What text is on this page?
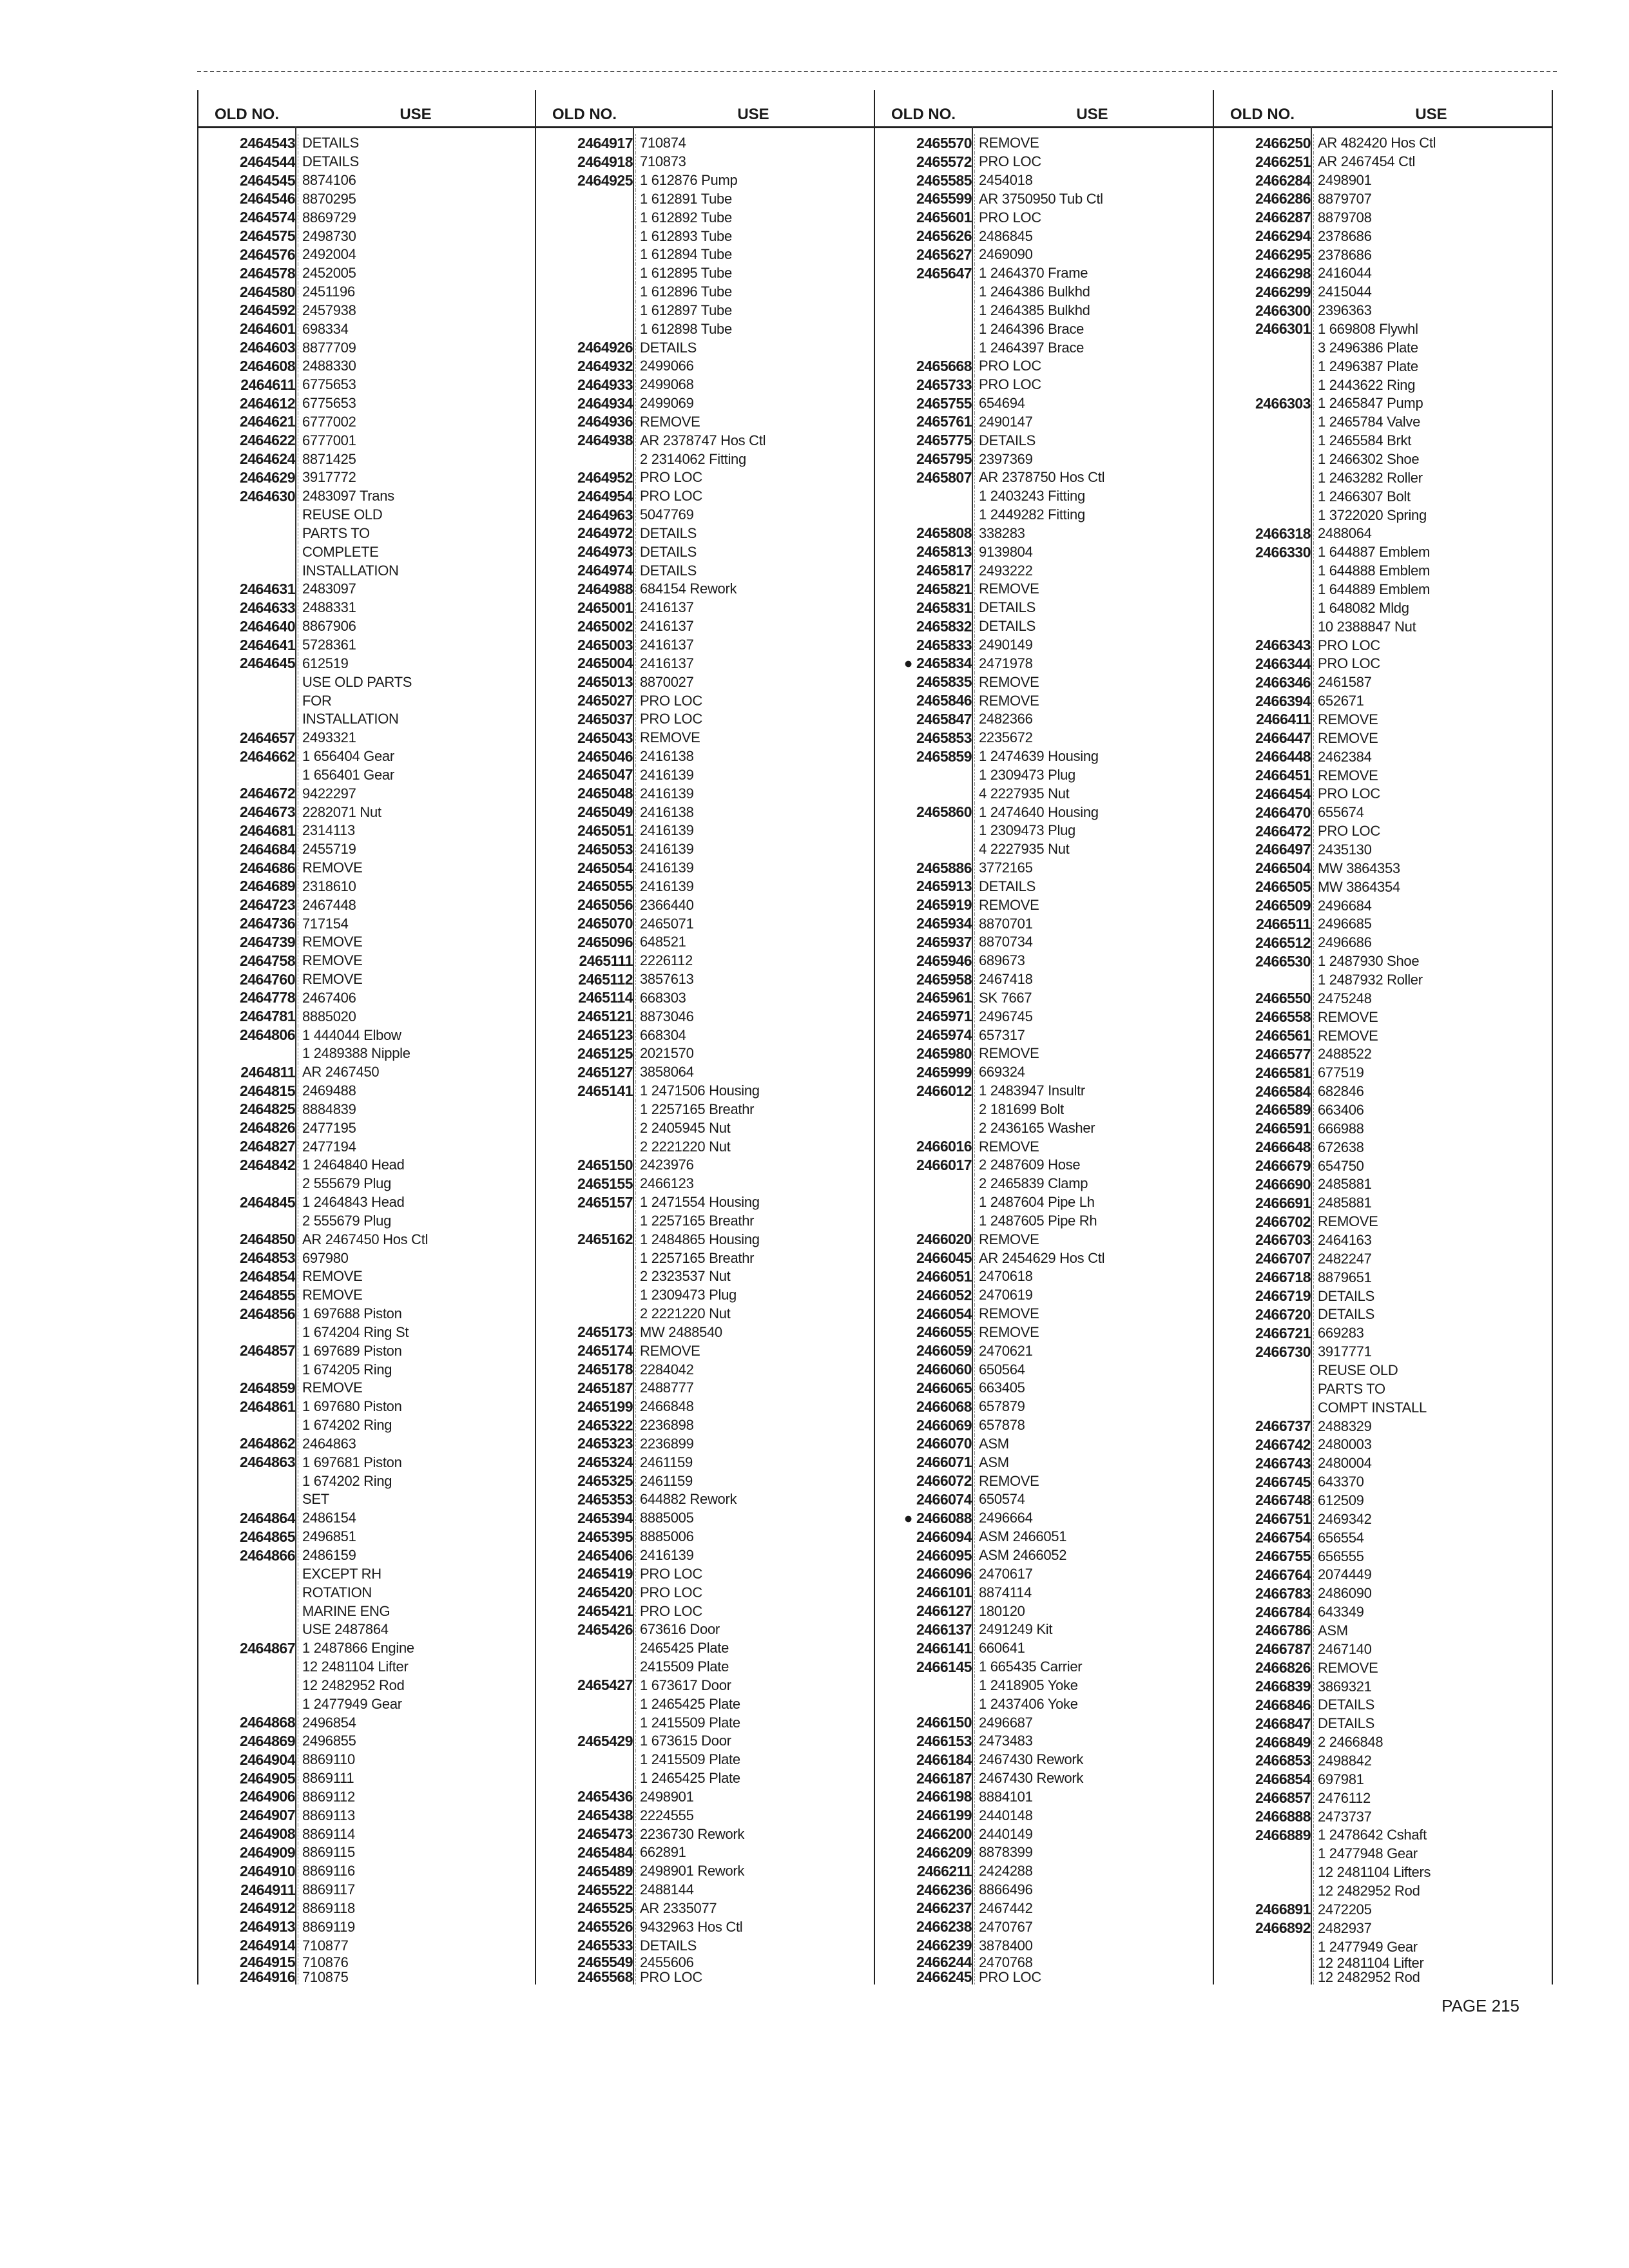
OLD NO.	USE
2464543 DETAILS
2464544 DETAILS
2464545 8874106
2464546 8870295
2464574 8869729
2464575 2498730
2464576 2492004
2464578 2452005
2464580 2451196
2464592 2457938
2464601 698334
2464603 8877709
2464608 2488330
2464611 6775653
2464612 6775653
2464621 6777002
2464622 6777001
2464624 8871425
2464629 3917772
2464630 2483097 Trans
REUSE OLD
PARTS TO
COMPLETE
INSTALLATION
2464631 2483097
2464633 2488331
2464640 8867906
2464641 5728361
2464645 612519
USE OLD PARTS
FOR
INSTALLATION
2464657 2493321
2464662 1 656404 Gear
1 656401 Gear
2464672 9422297
2464673 2282071 Nut
2464681 2314113
2464684 2455719
2464686 REMOVE
2464689 2318610
2464723 2467448
2464736 717154
2464739 REMOVE
2464758 REMOVE
2464760 REMOVE
2464778 2467406
2464781 8885020
2464806 1 444044 Elbow
1 2489388 Nipple
2464811 AR 2467450
2464815 2469488
2464825 8884839
2464826 2477195
2464827 2477194
2464842 1 2464840 Head
2 555679 Plug
2464845 1 2464843 Head
2 555679 Plug
2464850 AR 2467450 Hos Ctl
2464853 697980
2464854 REMOVE
2464855 REMOVE
2464856 1 697688 Piston
1 674204 Ring St
2464857 1 697689 Piston
1 674205 Ring
2464859 REMOVE
2464861 1 697680 Piston
1 674202 Ring
2464862 2464863
2464863 1 697681 Piston
1 674202 Ring
SET
2464864 2486154
2464865 2496851
2464866 2486159
EXCEPT RH
ROTATION
MARINE ENG
USE 2487864
2464867 1 2487866 Engine
12 2481104 Lifter
12 2482952 Rod
1 2477949 Gear
2464868 2496854
2464869 2496855
2464904 8869110
2464905 8869111
2464906 8869112
2464907 8869113
2464908 8869114
2464909 8869115
2464910 8869116
2464911 8869117
2464912 8869118
2464913 8869119
2464914 710877
2464915 710876
2464916 710875
OLD NO.	USE
2464917 710874
2464918 710873
2464925 1 612876 Pump
1 612891 Tube
1 612892 Tube
1 612893 Tube
1 612894 Tube
1 612895 Tube
1 612896 Tube
1 612897 Tube
1 612898 Tube
2464926 DETAILS
2464932 2499066
2464933 2499068
2464934 2499069
2464936 REMOVE
2464938 AR 2378747 Hos Ctl
2 2314062 Fitting
2464952 PRO LOC
2464954 PRO LOC
2464963 5047769
2464972 DETAILS
2464973 DETAILS
2464974 DETAILS
2464988 684154 Rework
2465001 2416137
2465002 2416137
2465003 2416137
2465004 2416137
2465013 8870027
2465027 PRO LOC
2465037 PRO LOC
2465043 REMOVE
2465046 2416138
2465047 2416139
2465048 2416139
2465049 2416138
2465051 2416139
2465053 2416139
2465054 2416139
2465055 2416139
2465056 2366440
2465070 2465071
2465096 648521
2465111 2226112
2465112 3857613
2465114 668303
2465121 8873046
2465123 668304
2465125 2021570
2465127 3858064
2465141 1 2471506 Housing
1 2257165 Breathr
2 2405945 Nut
2 2221220 Nut
2465150 2423976
2465155 2466123
2465157 1 2471554 Housing
1 2257165 Breathr
2465162 1 2484865 Housing
1 2257165 Breathr
2 2323537 Nut
1 2309473 Plug
2 2221220 Nut
2465173 MW 2488540
2465174 REMOVE
2465178 2284042
2465187 2488777
2465199 2466848
2465322 2236898
2465323 2236899
2465324 2461159
2465325 2461159
2465353 644882 Rework
2465394 8885005
2465395 8885006
2465406 2416139
2465419 PRO LOC
2465420 PRO LOC
2465421 PRO LOC
2465426 673616 Door
2465425 Plate
2415509 Plate
2465427 1 673617 Door
1 2465425 Plate
1 2415509 Plate
2465429 1 673615 Door
1 2415509 Plate
1 2465425 Plate
2465436 2498901
2465438 2224555
2465473 2236730 Rework
2465484 662891
2465489 2498901 Rework
2465522 2488144
2465525 AR 2335077
2465526 9432963 Hos Ctl
2465533 DETAILS
2465549 2455606
2465568 PRO LOC
OLD NO.	USE
2465570 REMOVE
2465572 PRO LOC
2465585 2454018
2465599 AR 3750950 Tub Ctl
2465601 PRO LOC
2465626 2486845
2465627 2469090
2465647 1 2464370 Frame
1 2464386 Bulkhd
1 2464385 Bulkhd
1 2464396 Brace
1 2464397 Brace
2465668 PRO LOC
2465733 PRO LOC
2465755 654694
2465761 2490147
2465775 DETAILS
2465795 2397369
2465807 AR 2378750 Hos Ctl
1 2403243 Fitting
1 2449282 Fitting
2465808 338283
2465813 9139804
2465817 2493222
2465821 REMOVE
2465831 DETAILS
2465832 DETAILS
2465833 2490149
● 2465834 2471978
2465835 REMOVE
2465846 REMOVE
2465847 2482366
2465853 2235672
2465859 1 2474639 Housing
1 2309473 Plug
4 2227935 Nut
2465860 1 2474640 Housing
1 2309473 Plug
4 2227935 Nut
2465886 3772165
2465913 DETAILS
2465919 REMOVE
2465934 8870701
2465937 8870734
2465946 689673
2465958 2467418
2465961 SK 7667
2465971 2496745
2465974 657317
2465980 REMOVE
2465999 669324
2466012 1 2483947 Insultr
2 181699 Bolt
2 2436165 Washer
2466016 REMOVE
2466017 2 2487609 Hose
2 2465839 Clamp
1 2487604 Pipe Lh
1 2487605 Pipe Rh
2466020 REMOVE
2466045 AR 2454629 Hos Ctl
2466051 2470618
2466052 2470619
2466054 REMOVE
2466055 REMOVE
2466059 2470621
2466060 650564
2466065 663405
2466068 657879
2466069 657878
2466070 ASM
2466071 ASM
2466072 REMOVE
2466074 650574
● 2466088 2496664
2466094 ASM 2466051
2466095 ASM 2466052
2466096 2470617
2466101 8874114
2466127 180120
2466137 2491249 Kit
2466141 660641
2466145 1 665435 Carrier
1 2418905 Yoke
1 2437406 Yoke
2466150 2496687
2466153 2473483
2466184 2467430 Rework
2466187 2467430 Rework
2466198 8884101
2466199 2440148
2466200 2440149
2466209 8878399
2466211 2424288
2466236 8866496
2466237 2467442
2466238 2470767
2466239 3878400
2466244 2470768
2466245 PRO LOC
OLD NO.	USE
2466250 AR 482420 Hos Ctl
2466251 AR 2467454 Ctl
2466284 2498901
2466286 8879707
2466287 8879708
2466294 2378686
2466295 2378686
2466298 2416044
2466299 2415044
2466300 2396363
2466301 1 669808 Flywhl
3 2496386 Plate
1 2496387 Plate
1 2443622 Ring
2466303 1 2465847 Pump
1 2465784 Valve
1 2465584 Brkt
1 2466302 Shoe
1 2463282 Roller
1 2466307 Bolt
1 3722020 Spring
2466318 2488064
2466330 1 644887 Emblem
1 644888 Emblem
1 644889 Emblem
1 648082 Mldg
10 2388847 Nut
2466343 PRO LOC
2466344 PRO LOC
2466346 2461587
2466394 652671
2466411 REMOVE
2466447 REMOVE
2466448 2462384
2466451 REMOVE
2466454 PRO LOC
2466470 655674
2466472 PRO LOC
2466497 2435130
2466504 MW 3864353
2466505 MW 3864354
2466509 2496684
2466511 2496685
2466512 2496686
2466530 1 2487930 Shoe
1 2487932 Roller
2466550 2475248
2466558 REMOVE
2466561 REMOVE
2466577 2488522
2466581 677519
2466584 682846
2466589 663406
2466591 666988
2466648 672638
2466679 654750
2466690 2485881
2466691 2485881
2466702 REMOVE
2466703 2464163
2466707 2482247
2466718 8879651
2466719 DETAILS
2466720 DETAILS
2466721 669283
2466730 3917771
REUSE OLD
PARTS TO
COMPT INSTALL
2466737 2488329
2466742 2480003
2466743 2480004
2466745 643370
2466748 612509
2466751 2469342
2466754 656554
2466755 656555
2466764 2074449
2466783 2486090
2466784 643349
2466786 ASM
2466787 2467140
2466826 REMOVE
2466839 3869321
2466846 DETAILS
2466847 DETAILS
2466849 2 2466848
2466853 2498842
2466854 697981
2466857 2476112
2466888 2473737
2466889 1 2478642 Cshaft
1 2477948 Gear
12 2481104 Lifters
12 2482952 Rod
2466891 2472205
2466892 2482937
1 2477949 Gear
12 2481104 Lifter
12 2482952 Rod
PAGE 215
